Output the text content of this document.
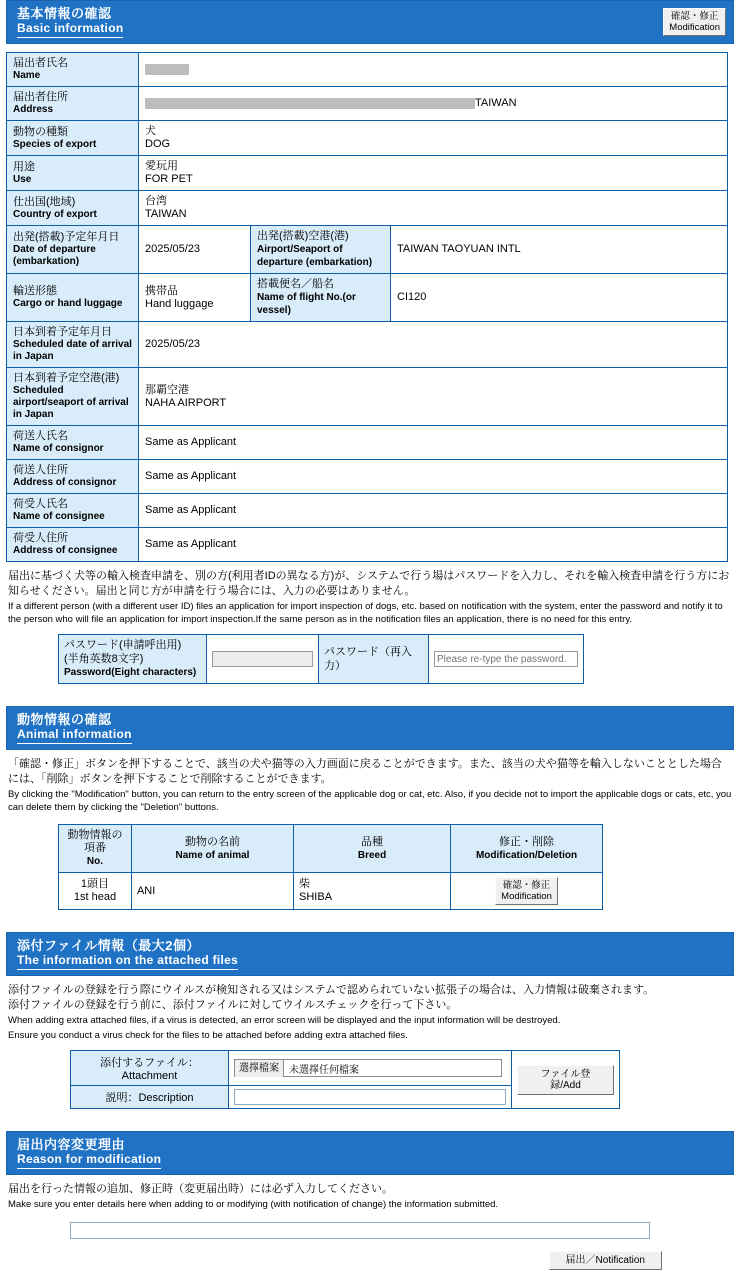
基本情報の確認
Basic information
確認・修正
Modification
届出者氏名
Name			

届出者住所
Address	TAIWAN		

動物の種類
Species of export	犬
DOG		

用途
Use	愛玩用
FOR PET		

仕出国(地域)
Country of export	台湾
TAIWAN		

出発(搭載)予定年月日
Date of departure (embarkation)	2025/05/23	出発(搭載)空港(港)
Airport/Seaport of departure (embarkation)	TAIWAN TAOYUAN INTL

輸送形態
Cargo or hand luggage	携帯品
Hand luggage	搭載便名／船名
Name of flight No.(or vessel)	CI120

日本到着予定年月日
Scheduled date of arrival in Japan	2025/05/23		

日本到着予定空港(港)
Scheduled airport/seaport of arrival in Japan	那覇空港
NAHA AIRPORT		

荷送人氏名
Name of consignor	Same as Applicant		

荷送人住所
Address of consignor	Same as Applicant		

荷受人氏名
Name of consignee	Same as Applicant		

荷受人住所
Address of consignee	Same as Applicant		
届出に基づく犬等の輸入検査申請を、別の方(利用者IDの異なる方)が、システムで行う場はパスワードを入力し、それを輸入検査申請を行う方にお知らせください。届出と同じ方が申請を行う場合には、入力の必要はありません。
If a different person (with a different user ID) files an application for import inspection of dogs, etc. based on notification with the system, enter the password and notify it to the person who will file an application for import inspection.If the same person as in the notification files an application, there is no need for this entry.
パスワード(申請呼出用)
(半角英数8文字)
Password(Eight characters)
		パスワード（再入力）	Please re-type the password.
動物情報の確認
Animal information
「確認・修正」ボタンを押下することで、該当の犬や猫等の入力画面に戻ることができます。また、該当の犬や猫等を輸入しないこととした場合には、「削除」ボタンを押下することで削除することができます。
By clicking the "Modification" button, you can return to the entry screen of the applicable dog or cat, etc. Also, if you decide not to import the applicable dogs or cats, etc, you can delete them by clicking the "Deletion" buttons.
動物情報の項番
No.	動物の名前
Name of animal	品種
Breed	修正・削除
Modification/Deletion

1頭目
1st head	ANI	柴
SHIBA	確認・修正
Modification
添付ファイル情報（最大2個）
The information on the attached files
添付ファイルの登録を行う際にウイルスが検知される又はシステムで認められていない拡張子の場合は、入力情報は破棄されます。
添付ファイルの登録を行う前に、添付ファイルに対してウイルスチェックを行って下さい。
When adding extra attached files, if a virus is detected, an error screen will be displayed and the input information will be destroyed.
Ensure you conduct a virus check for the files to be attached before adding extra attached files.
添付するファイル：Attachment	選擇檔案 未選擇任何檔案	ファイル登録/Add
説明：Description	
届出内容変更理由
Reason for modification
届出を行った情報の追加、修正時（変更届出時）には必ず入力してください。
Make sure you enter details here when adding to or modifying (with notification of change) the information submitted.
届出／Notification
